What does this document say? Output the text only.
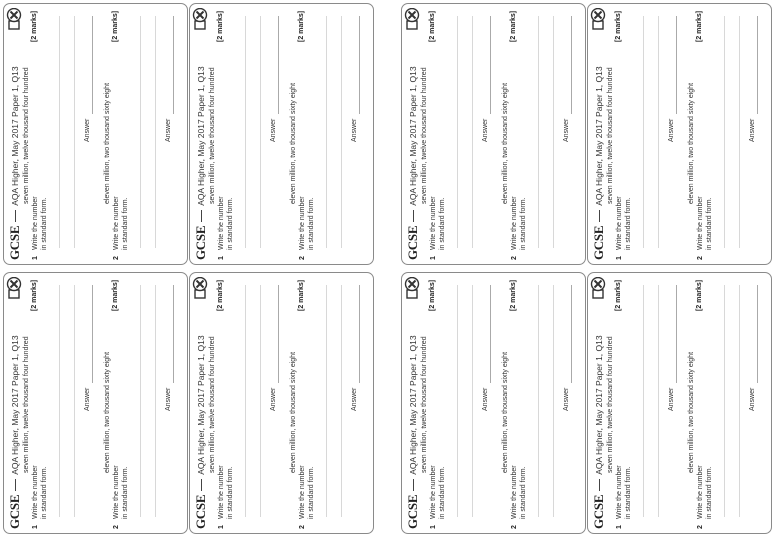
GCSE
AQA Higher, May 2017 Paper 1, Q13
1
Write the number
seven million, twelve thousand four hundred
in standard form.
[2 marks]
Answer
2
Write the number
eleven million, two thousand sixty eight
in standard form.
[2 marks]
Answer
GCSE
AQA Higher, May 2017 Paper 1, Q13
1
Write the number
seven million, twelve thousand four hundred
in standard form.
[2 marks]
Answer
2
Write the number
eleven million, two thousand sixty eight
in standard form.
[2 marks]
Answer
GCSE
AQA Higher, May 2017 Paper 1, Q13
1
Write the number
seven million, twelve thousand four hundred
in standard form.
[2 marks]
Answer
2
Write the number
eleven million, two thousand sixty eight
in standard form.
[2 marks]
Answer
GCSE
AQA Higher, May 2017 Paper 1, Q13
1
Write the number
seven million, twelve thousand four hundred
in standard form.
[2 marks]
Answer
2
Write the number
eleven million, two thousand sixty eight
in standard form.
[2 marks]
Answer
GCSE
AQA Higher, May 2017 Paper 1, Q13
1
Write the number
seven million, twelve thousand four hundred
in standard form.
[2 marks]
Answer
2
Write the number
eleven million, two thousand sixty eight
in standard form.
[2 marks]
Answer
GCSE
AQA Higher, May 2017 Paper 1, Q13
1
Write the number
seven million, twelve thousand four hundred
in standard form.
[2 marks]
Answer
2
Write the number
eleven million, two thousand sixty eight
in standard form.
[2 marks]
Answer
GCSE
AQA Higher, May 2017 Paper 1, Q13
1
Write the number
seven million, twelve thousand four hundred
in standard form.
[2 marks]
Answer
2
Write the number
eleven million, two thousand sixty eight
in standard form.
[2 marks]
Answer
GCSE
AQA Higher, May 2017 Paper 1, Q13
1
Write the number
seven million, twelve thousand four hundred
in standard form.
[2 marks]
Answer
2
Write the number
eleven million, two thousand sixty eight
in standard form.
[2 marks]
Answer
